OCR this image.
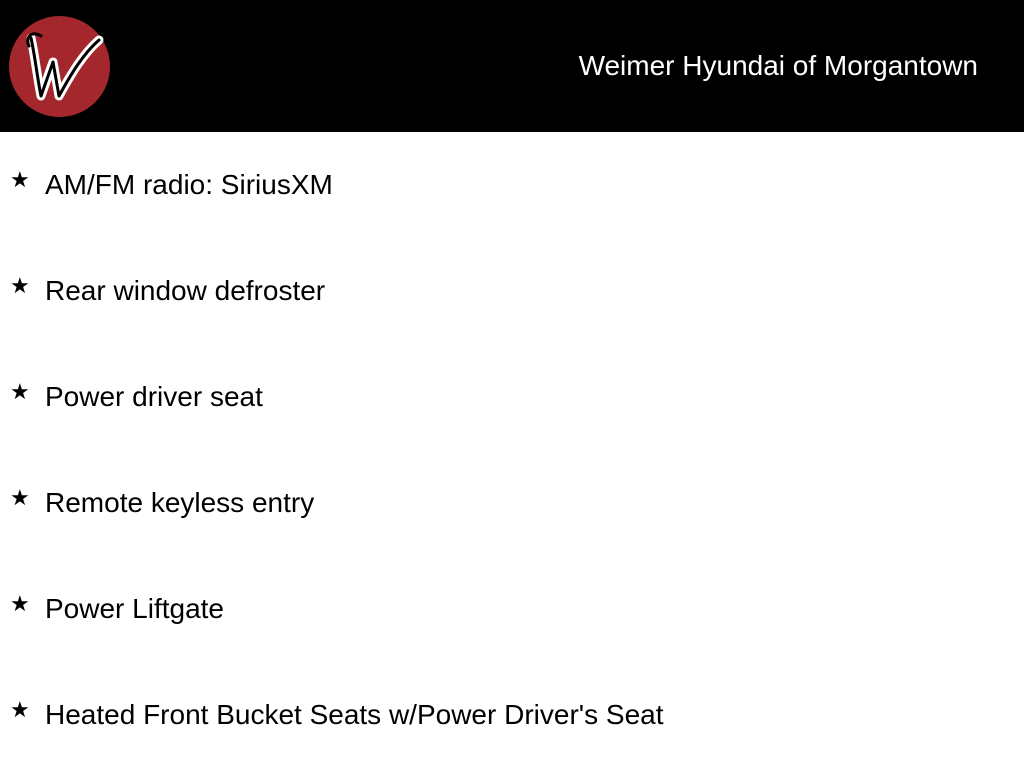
Weimer Hyundai of Morgantown
★ AM/FM radio: SiriusXM
★ Rear window defroster
★ Power driver seat
★ Remote keyless entry
★ Power Liftgate
★ Heated Front Bucket Seats w/Power Driver's Seat
